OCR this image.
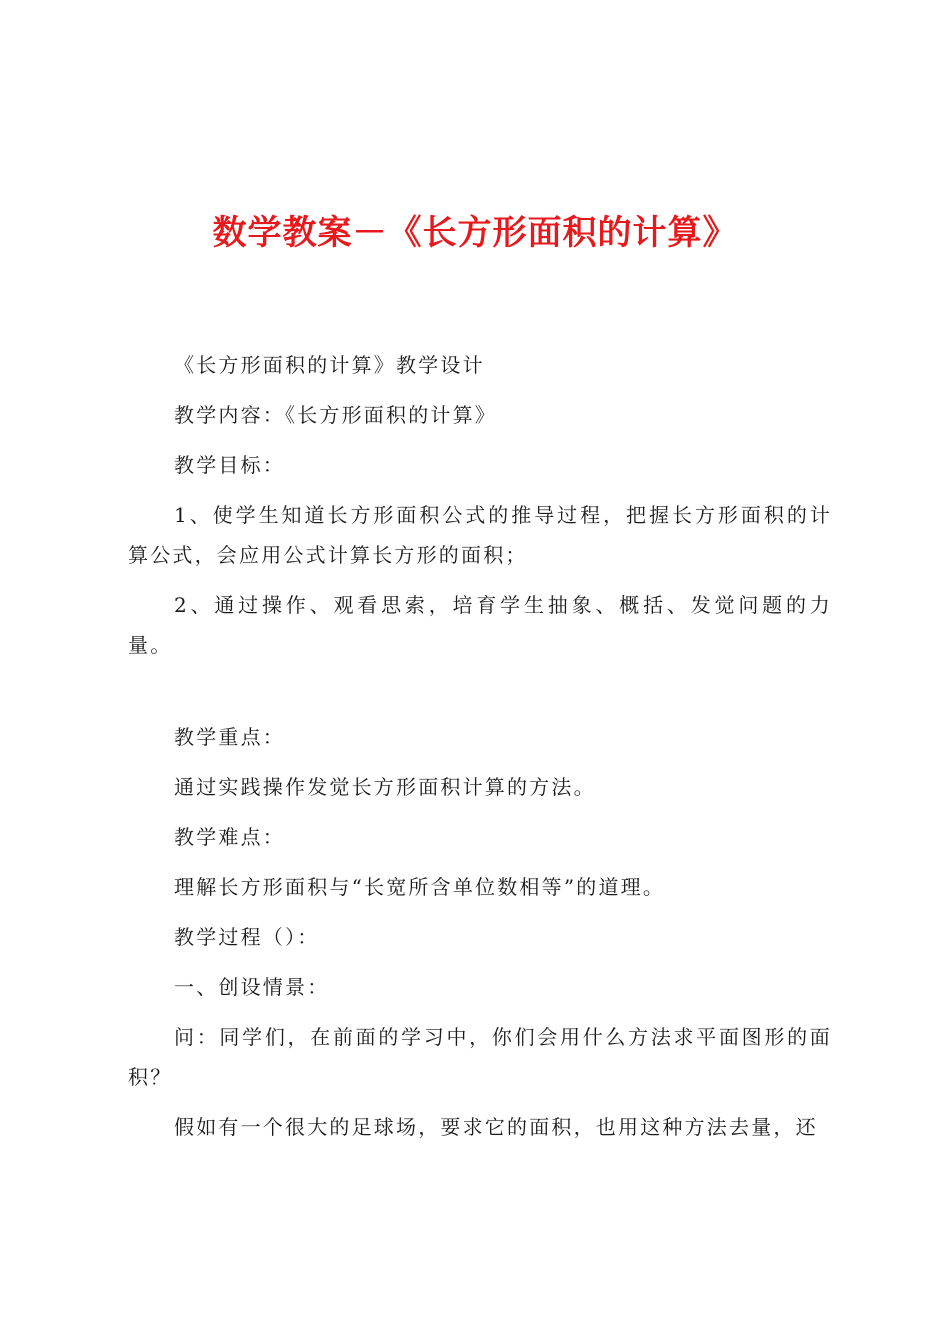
数学教案－《长方形面积的计算》

《长方形面积的计算》教学设计

教学内容：《长方形面积的计算》

教学目标：

1、使学生知道长方形面积公式的推导过程，把握长方形面积的计算公式，会应用公式计算长方形的面积；

2、通过操作、观看思索，培育学生抽象、概括、发觉问题的力量。

教学重点：

通过实践操作发觉长方形面积计算的方法。

教学难点：

理解长方形面积与“长宽所含单位数相等”的道理。

教学过程（）：

一、创设情景：

问：同学们，在前面的学习中，你们会用什么方法求平面图形的面积？

假如有一个很大的足球场，要求它的面积，也用这种方法去量，还
